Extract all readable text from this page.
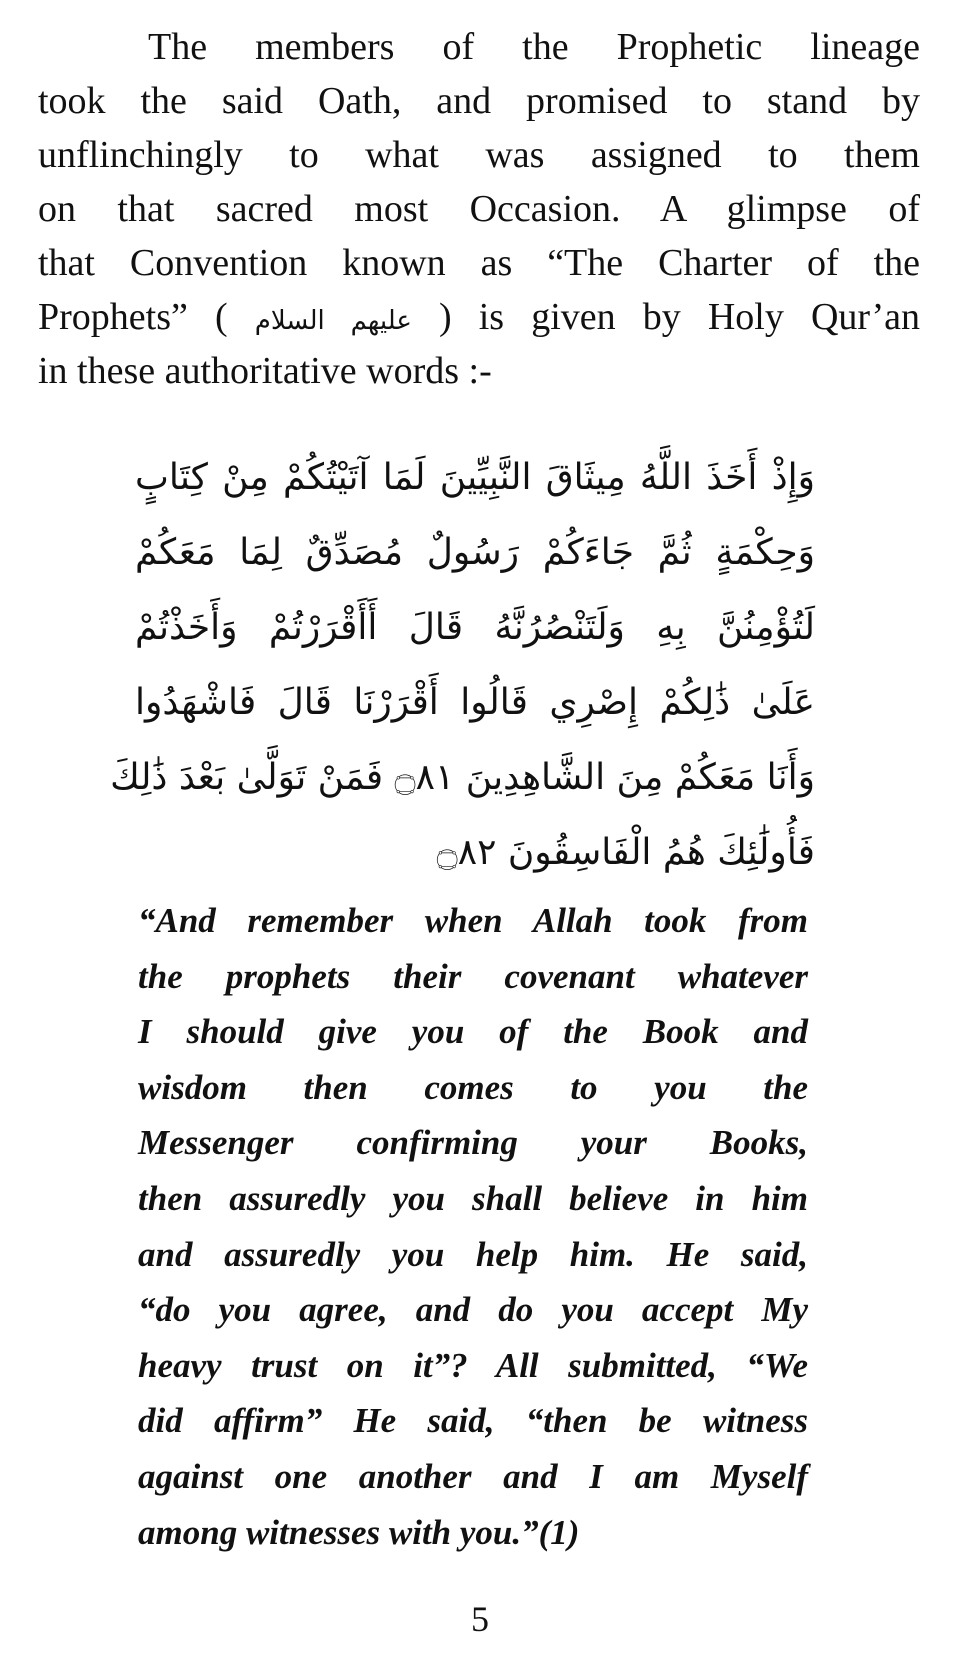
The members of the Prophetic lineage
took the said Oath, and promised to stand by
unflinchingly to what was assigned to them
on that sacred most Occasion. A glimpse of
that Convention known as “The Charter of the
Prophets” ( عليهم السلام ) is given by Holy Qur’an
in these authoritative words :-
وَإِذْ أَخَذَ اللَّهُ مِيثَاقَ النَّبِيِّينَ لَمَا آتَيْتُكُمْ مِنْ كِتَابٍ
وَحِكْمَةٍ ثُمَّ جَاءَكُمْ رَسُولٌ مُصَدِّقٌ لِمَا مَعَكُمْ
لَتُؤْمِنُنَّ بِهِ وَلَتَنْصُرُنَّهُ قَالَ أَأَقْرَرْتُمْ وَأَخَذْتُمْ
عَلَىٰ ذَٰلِكُمْ إِصْرِي قَالُوا أَقْرَرْنَا قَالَ فَاشْهَدُوا
وَأَنَا مَعَكُمْ مِنَ الشَّاهِدِينَ ۝٨١ فَمَنْ تَوَلَّىٰ بَعْدَ ذَٰلِكَ
فَأُولَٰئِكَ هُمُ الْفَاسِقُونَ ۝٨٢
“And remember when Allah took from
the prophets their covenant whatever
I should give you of the Book and
wisdom then comes to you the
Messenger confirming your Books,
then assuredly you shall believe in him
and assuredly you help him. He said,
“do you agree, and do you accept My
heavy trust on it”? All submitted, “We
did affirm” He said, “then be witness
against one another and I am Myself
among witnesses with you.”(1)
5
